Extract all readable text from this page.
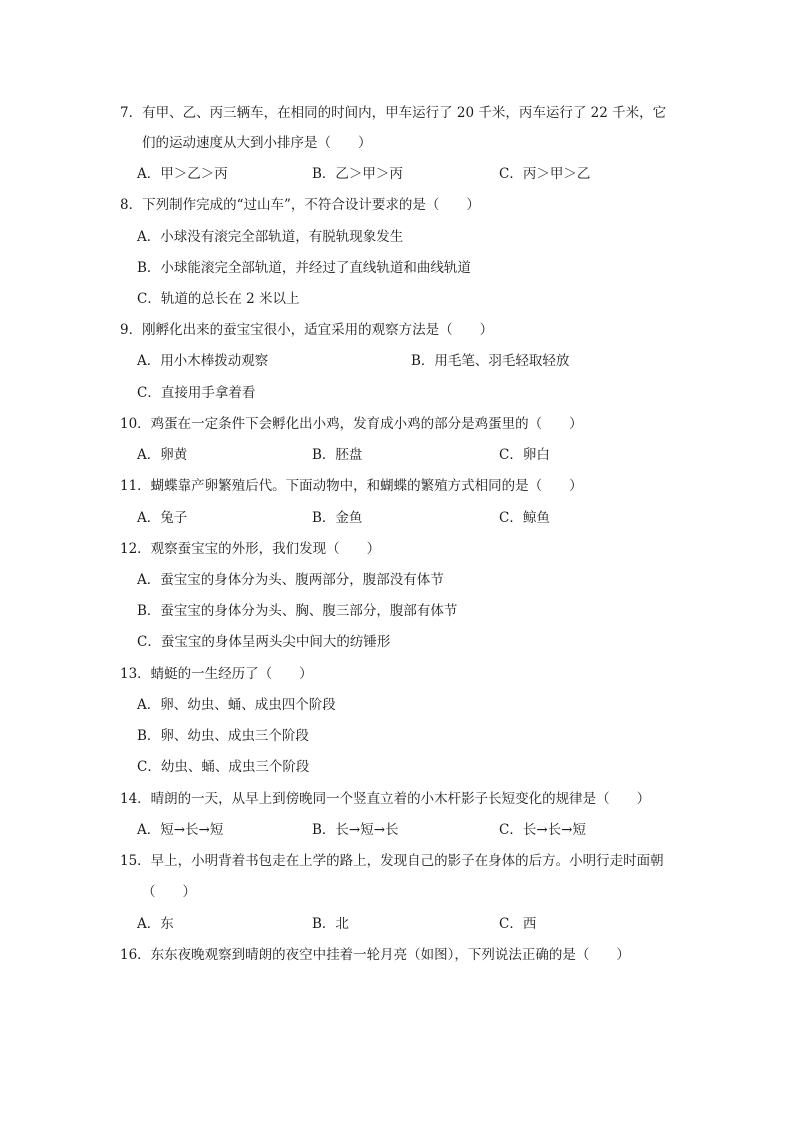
7．有甲、乙、丙三辆车，在相同的时间内，甲车运行了 20 千米，丙车运行了 22 千米，它
们的运动速度从大到小排序是（　　）
A．甲＞乙＞丙	B．乙＞甲＞丙	C．丙＞甲＞乙
8．下列制作完成的“过山车”，不符合设计要求的是（　　）
A．小球没有滚完全部轨道，有脱轨现象发生
B．小球能滚完全部轨道，并经过了直线轨道和曲线轨道
C．轨道的总长在 2 米以上
9．刚孵化出来的蚕宝宝很小，适宜采用的观察方法是（　　）
A．用小木棒拨动观察	B．用毛笔、羽毛轻取轻放
C．直接用手拿着看
10．鸡蛋在一定条件下会孵化出小鸡，发育成小鸡的部分是鸡蛋里的（　　）
A．卵黄	B．胚盘	C．卵白
11．蝴蝶靠产卵繁殖后代。下面动物中，和蝴蝶的繁殖方式相同的是（　　）
A．兔子	B．金鱼	C．鲸鱼
12．观察蚕宝宝的外形，我们发现（　　）
A．蚕宝宝的身体分为头、腹两部分，腹部没有体节
B．蚕宝宝的身体分为头、胸、腹三部分，腹部有体节
C．蚕宝宝的身体呈两头尖中间大的纺锤形
13．蜻蜓的一生经历了（　　）
A．卵、幼虫、蛹、成虫四个阶段
B．卵、幼虫、成虫三个阶段
C．幼虫、蛹、成虫三个阶段
14．晴朗的一天，从早上到傍晚同一个竖直立着的小木杆影子长短变化的规律是（　　）
A．短→长→短	B．长→短→长	C．长→长→短
15．早上，小明背着书包走在上学的路上，发现自己的影子在身体的后方。小明行走时面朝
（　　）
A．东	B．北	C．西
16．东东夜晚观察到晴朗的夜空中挂着一轮月亮（如图），下列说法正确的是（　　）
